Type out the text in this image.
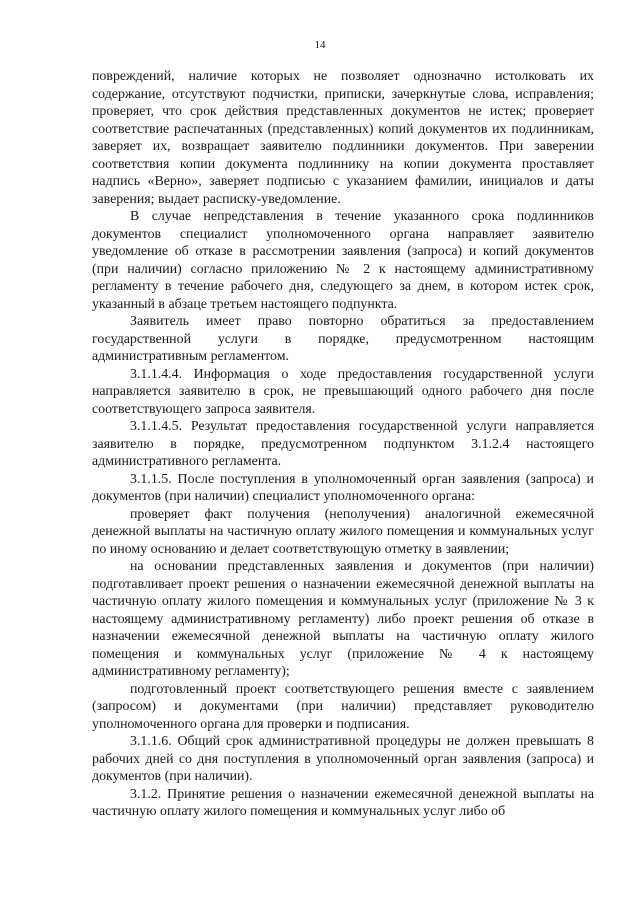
14

повреждений, наличие которых не позволяет однозначно истолковать их содержание, отсутствуют подчистки, приписки, зачеркнутые слова, исправления; проверяет, что срок действия представленных документов не истек; проверяет соответствие распечатанных (представленных) копий документов их подлинникам, заверяет их, возвращает заявителю подлинники документов. При заверении соответствия копии документа подлиннику на копии документа проставляет надпись «Верно», заверяет подписью с указанием фамилии, инициалов и даты заверения; выдает расписку-уведомление.

В случае непредставления в течение указанного срока подлинников документов специалист уполномоченного органа направляет заявителю уведомление об отказе в рассмотрении заявления (запроса) и копий документов (при наличии) согласно приложению № 2 к настоящему административному регламенту в течение рабочего дня, следующего за днем, в котором истек срок, указанный в абзаце третьем настоящего подпункта.

Заявитель имеет право повторно обратиться за предоставлением государственной услуги в порядке, предусмотренном настоящим административным регламентом.

3.1.1.4.4. Информация о ходе предоставления государственной услуги направляется заявителю в срок, не превышающий одного рабочего дня после соответствующего запроса заявителя.

3.1.1.4.5. Результат предоставления государственной услуги направляется заявителю в порядке, предусмотренном подпунктом 3.1.2.4 настоящего административного регламента.

3.1.1.5. После поступления в уполномоченный орган заявления (запроса) и документов (при наличии) специалист уполномоченного органа:

проверяет факт получения (неполучения) аналогичной ежемесячной денежной выплаты на частичную оплату жилого помещения и коммунальных услуг по иному основанию и делает соответствующую отметку в заявлении;

на основании представленных заявления и документов (при наличии) подготавливает проект решения о назначении ежемесячной денежной выплаты на частичную оплату жилого помещения и коммунальных услуг (приложение № 3 к настоящему административному регламенту) либо проект решения об отказе в назначении ежемесячной денежной выплаты на частичную оплату жилого помещения и коммунальных услуг (приложение № 4 к настоящему административному регламенту);

подготовленный проект соответствующего решения вместе с заявлением (запросом) и документами (при наличии) представляет руководителю уполномоченного органа для проверки и подписания.

3.1.1.6. Общий срок административной процедуры не должен превышать 8 рабочих дней со дня поступления в уполномоченный орган заявления (запроса) и документов (при наличии).

3.1.2. Принятие решения о назначении ежемесячной денежной выплаты на частичную оплату жилого помещения и коммунальных услуг либо об
